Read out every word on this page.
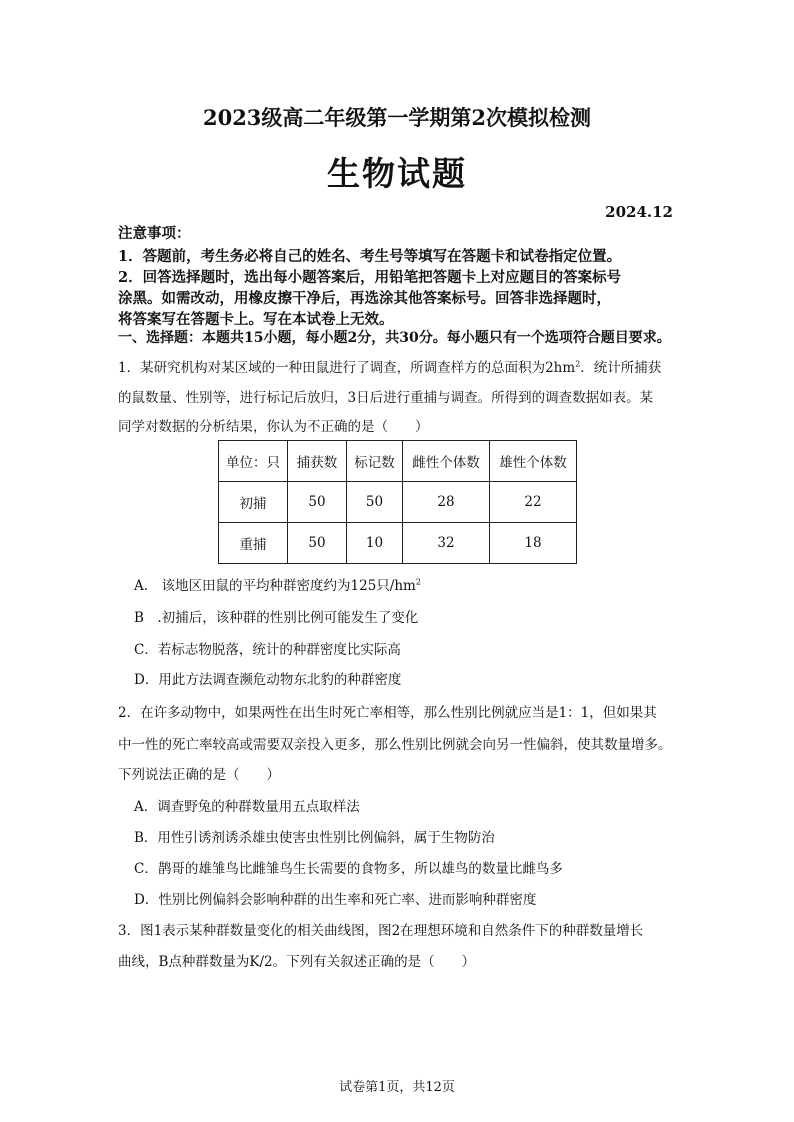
2023级高二年级第一学期第2次模拟检测
生物试题
2024.12
注意事项：
1．答题前，考生务必将自己的姓名、考生号等填写在答题卡和试卷指定位置。
2．回答选择题时，选出每小题答案后，用铅笔把答题卡上对应题目的答案标号
涂黑。如需改动，用橡皮擦干净后，再选涂其他答案标号。回答非选择题时，
将答案写在答题卡上。写在本试卷上无效。
一、选择题：本题共15小题，每小题2分，共30分。每小题只有一个选项符合题目要求。
1．某研究机构对某区域的一种田鼠进行了调查，所调查样方的总面积为$2hm^2$．统计所捕获
的鼠数量、性别等，进行标记后放归，3日后进行重捕与调查。所得到的调查数据如表。某
同学对数据的分析结果，你认为不正确的是（　　）
单位：只	捕获数	标记数	雌性个体数	雄性个体数
初捕	50	50	28	22
重捕	50	10	32	18
A.　该地区田鼠的平均种群密度约为125只$/hm^2$
B　.初捕后，该种群的性别比例可能发生了变化
C．若标志物脱落，统计的种群密度比实际高
D．用此方法调查濒危动物东北豹的种群密度
2．在许多动物中，如果两性在出生时死亡率相等，那么性别比例就应当是1：1，但如果其
中一性的死亡率较高或需要双亲投入更多，那么性别比例就会向另一性偏斜，使其数量增多。
下列说法正确的是（　　）
A．调查野兔的种群数量用五点取样法
B．用性引诱剂诱杀雄虫使害虫性别比例偏斜，属于生物防治
C．鹊哥的雄雏鸟比雌雏鸟生长需要的食物多，所以雄鸟的数量比雌鸟多
D．性别比例偏斜会影响种群的出生率和死亡率、进而影响种群密度
3．图1表示某种群数量变化的相关曲线图，图2在理想环境和自然条件下的种群数量增长
曲线，B点种群数量为K/2。下列有关叙述正确的是（　　）
试卷第1页，共12页
